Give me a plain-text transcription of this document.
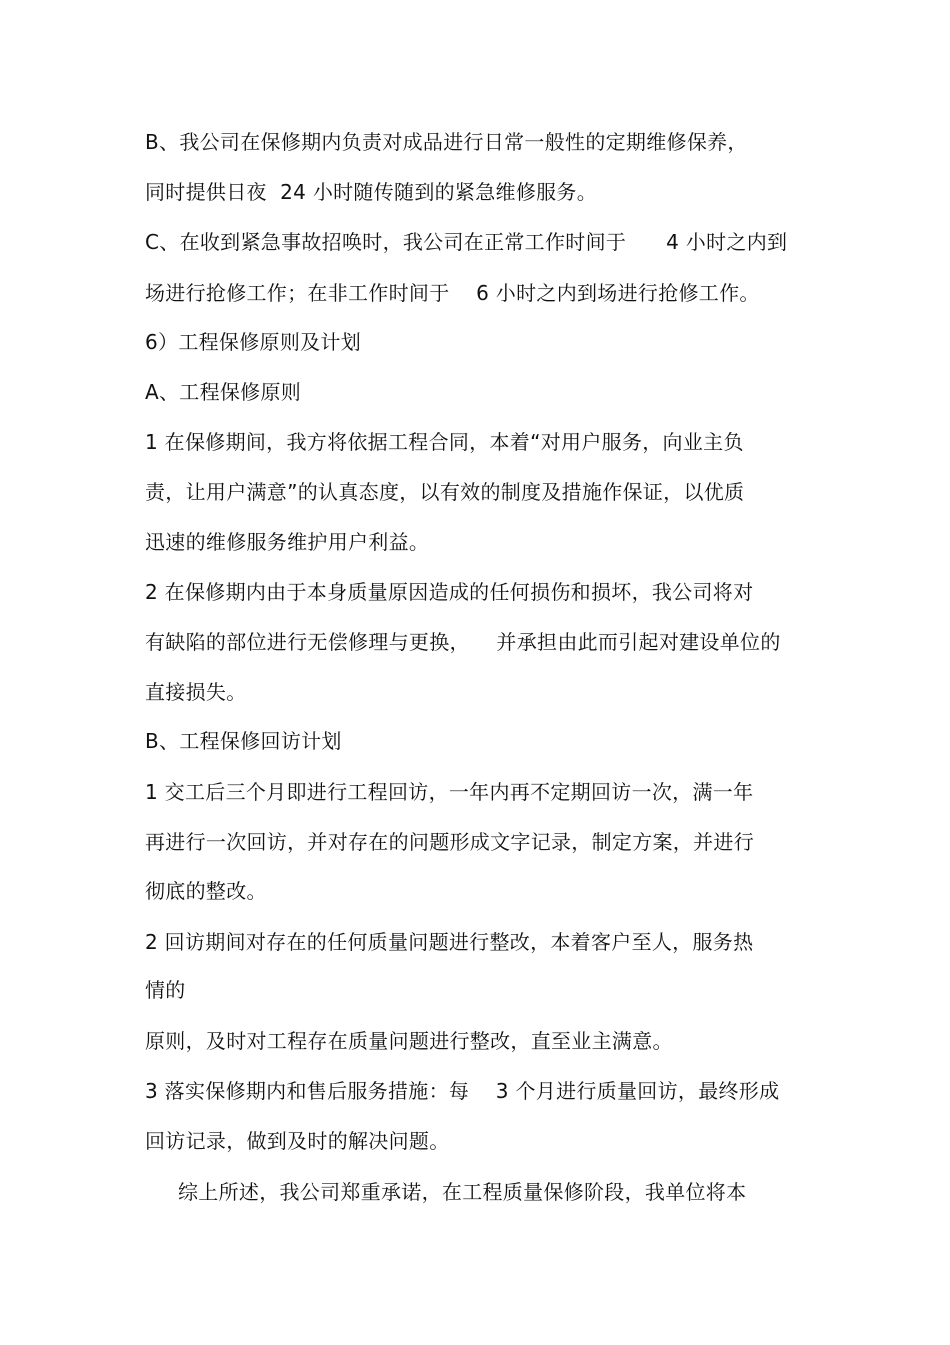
B、我公司在保修期内负责对成品进行日常一般性的定期维修保养，
同时提供日夜  24 小时随传随到的紧急维修服务。
C、在收到紧急事故招唤时，我公司在正常工作时间于      4 小时之内到
场进行抢修工作；在非工作时间于    6 小时之内到场进行抢修工作。
6）工程保修原则及计划
A、工程保修原则
1 在保修期间，我方将依据工程合同，本着“对用户服务，向业主负
责，让用户满意”的认真态度，以有效的制度及措施作保证，以优质
迅速的维修服务维护用户利益。
2 在保修期内由于本身质量原因造成的任何损伤和损坏，我公司将对
有缺陷的部位进行无偿修理与更换，    并承担由此而引起对建设单位的
直接损失。
B、工程保修回访计划
1 交工后三个月即进行工程回访，一年内再不定期回访一次，满一年
再进行一次回访，并对存在的问题形成文字记录，制定方案，并进行
彻底的整改。
2 回访期间对存在的任何质量问题进行整改，本着客户至人，服务热
情的
原则，及时对工程存在质量问题进行整改，直至业主满意。
3 落实保修期内和售后服务措施：每    3 个月进行质量回访，最终形成
回访记录，做到及时的解决问题。
综上所述，我公司郑重承诺，在工程质量保修阶段，我单位将本
